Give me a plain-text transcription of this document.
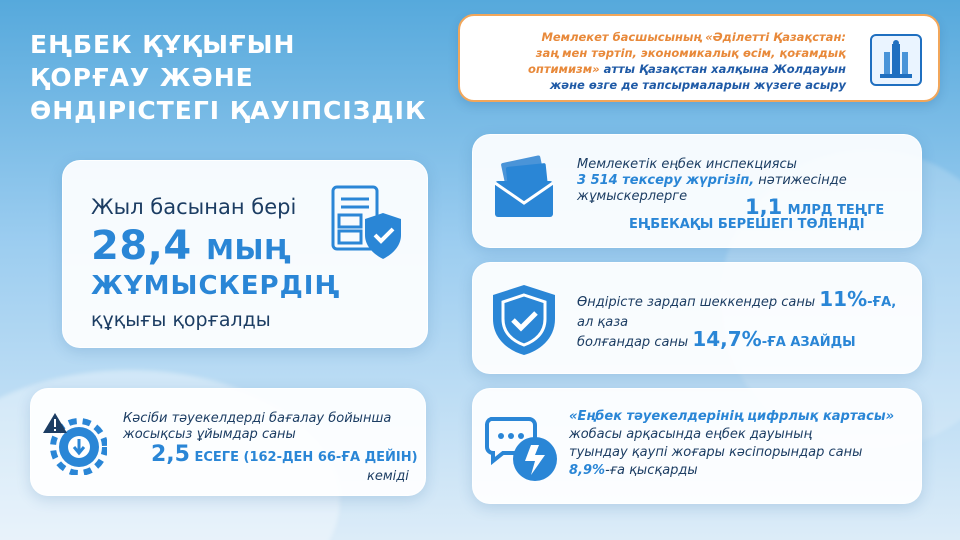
ЕҢБЕК ҚҰҚЫҒЫН
ҚОРҒАУ ЖӘНЕ
ӨНДІРІСТЕГІ ҚАУІПСІЗДІК
Мемлекет басшысының «Әділетті Қазақстан:
заң мен тәртіп, экономикалық өсім, қоғамдық
оптимизм» атты Қазақстан халқына Жолдауын
және өзге де тапсырмаларын жүзеге асыру
Жыл басынан бері
28,4 МЫҢ
ЖҰМЫСКЕРДІҢ
құқығы қорғалды
Кәсіби тәуекелдерді бағалау бойынша
жосықсыз ұйымдар саны
2,5 ЕСЕГЕ (162-ДЕН 66-ҒА ДЕЙІН)
кеміді
Мемлекетік еңбек инспекциясы
3 514 тексеру жүргізіп, нәтижесінде
жұмыскерлерге	1,1 МЛРД ТЕҢГЕ
ЕҢБЕКАҚЫ БЕРЕШЕГІ ТӨЛЕНДІ
Өндірісте зардап шеккендер саны 11%-ҒА,
ал қаза
болғандар саны 14,7%-ҒА АЗАЙДЫ
«Еңбек тәуекелдерінің цифрлық картасы»
жобасы арқасында еңбек дауының
туындау қаупі жоғары кәсіпорындар саны
8,9%-ға қысқарды
